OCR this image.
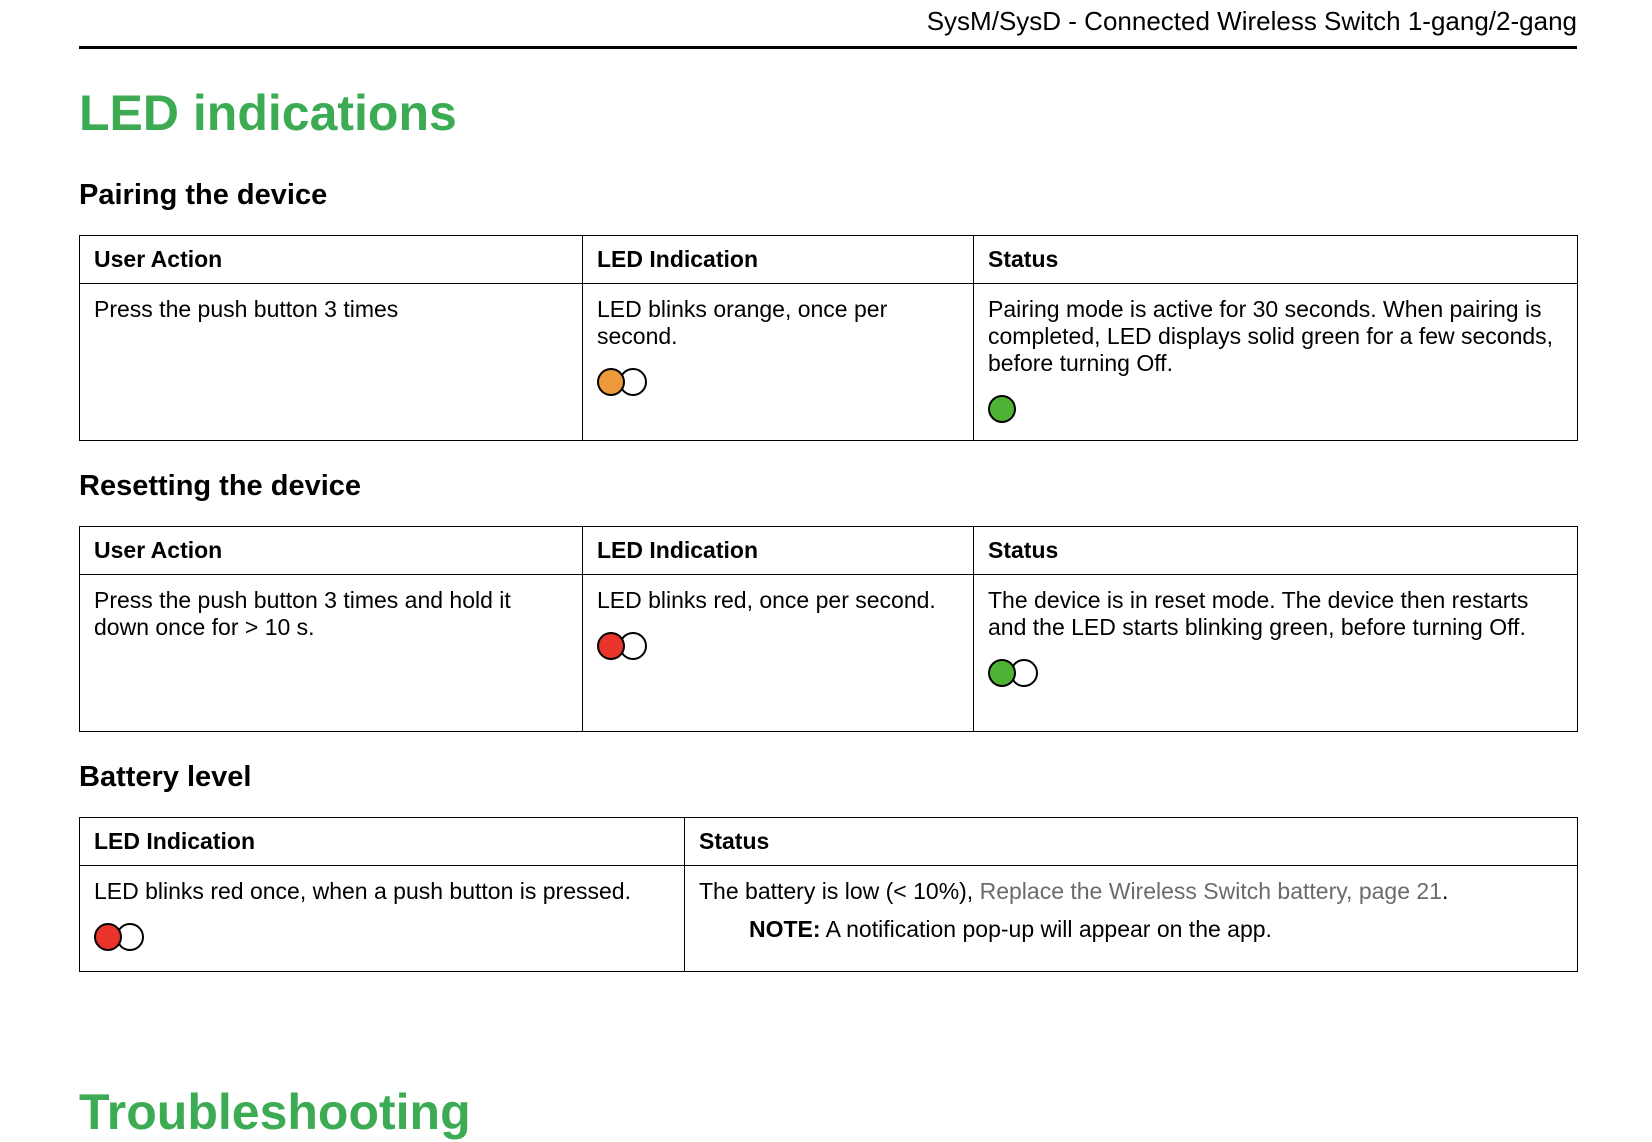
SysM/SysD - Connected Wireless Switch 1-gang/2-gang
LED indications
Pairing the device
User Action	LED Indication	Status
Press the push button 3 times	LED blinks orange, once per second.	Pairing mode is active for 30 seconds. When pairing is completed, LED displays solid green for a few seconds, before turning Off.
Resetting the device
User Action	LED Indication	Status
Press the push button 3 times and hold it down once for > 10 s.	LED blinks red, once per second.	The device is in reset mode. The device then restarts and the LED starts blinking green, before turning Off.
Battery level
LED Indication	Status

LED blinks red once, when a push button is pressed.	The battery is low (< 10%), Replace the Wireless Switch battery, page 21.
NOTE: A notification pop-up will appear on the app.
Troubleshooting
